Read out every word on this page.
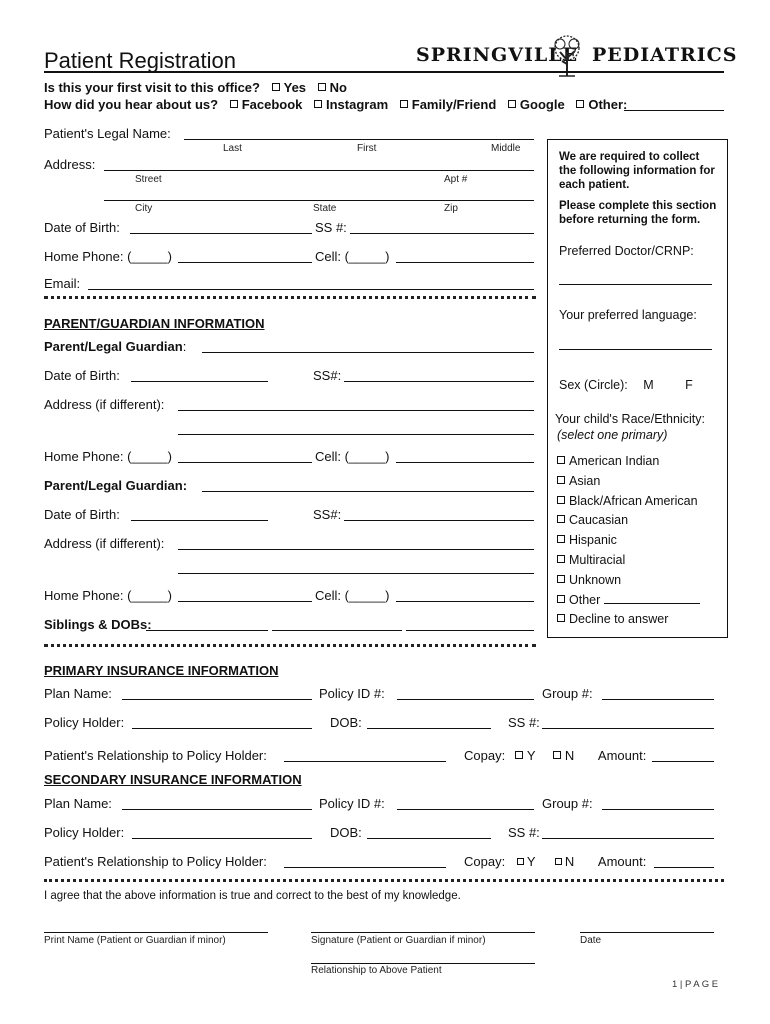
Patient Registration	SPRINGVILLE PEDIATRICS
Is this your first visit to this office? Yes No
How did you hear about us? Facebook Instagram Family/Friend Google Other:
Patient's Legal Name:
Last	First	Middle
Address:
Street	Apt #
City	State	Zip
Date of Birth:	SS #:
Home Phone: (_____)	Cell: (_____)
Email:
We are required to collect the following information for each patient.
Please complete this section before returning the form.
Preferred Doctor/CRNP:
Your preferred language:
Sex (Circle): M	F
Your child's Race/Ethnicity:
(select one primary)
American Indian
Asian
Black/African American
Caucasian
Hispanic
Multiracial
Unknown
Other
Decline to answer
PARENT/GUARDIAN INFORMATION
Parent/Legal Guardian:
Date of Birth:	SS#:
Address (if different):
Home Phone: (_____)	Cell: (_____)
Parent/Legal Guardian:
Date of Birth:	SS#:
Address (if different):
Home Phone: (_____)	Cell: (_____)
Siblings & DOBs:
PRIMARY INSURANCE INFORMATION
Plan Name:	Policy ID #:	Group #:
Policy Holder:	DOB:	SS #:
Patient's Relationship to Policy Holder:	Copay: Y N Amount:
SECONDARY INSURANCE INFORMATION
Plan Name:	Policy ID #:	Group #:
Policy Holder:	DOB:	SS #:
Patient's Relationship to Policy Holder:	Copay: Y N Amount:
I agree that the above information is true and correct to the best of my knowledge.
Print Name (Patient or Guardian if minor)	Signature (Patient or Guardian if minor)	Date
Relationship to Above Patient
1 | P A G E
